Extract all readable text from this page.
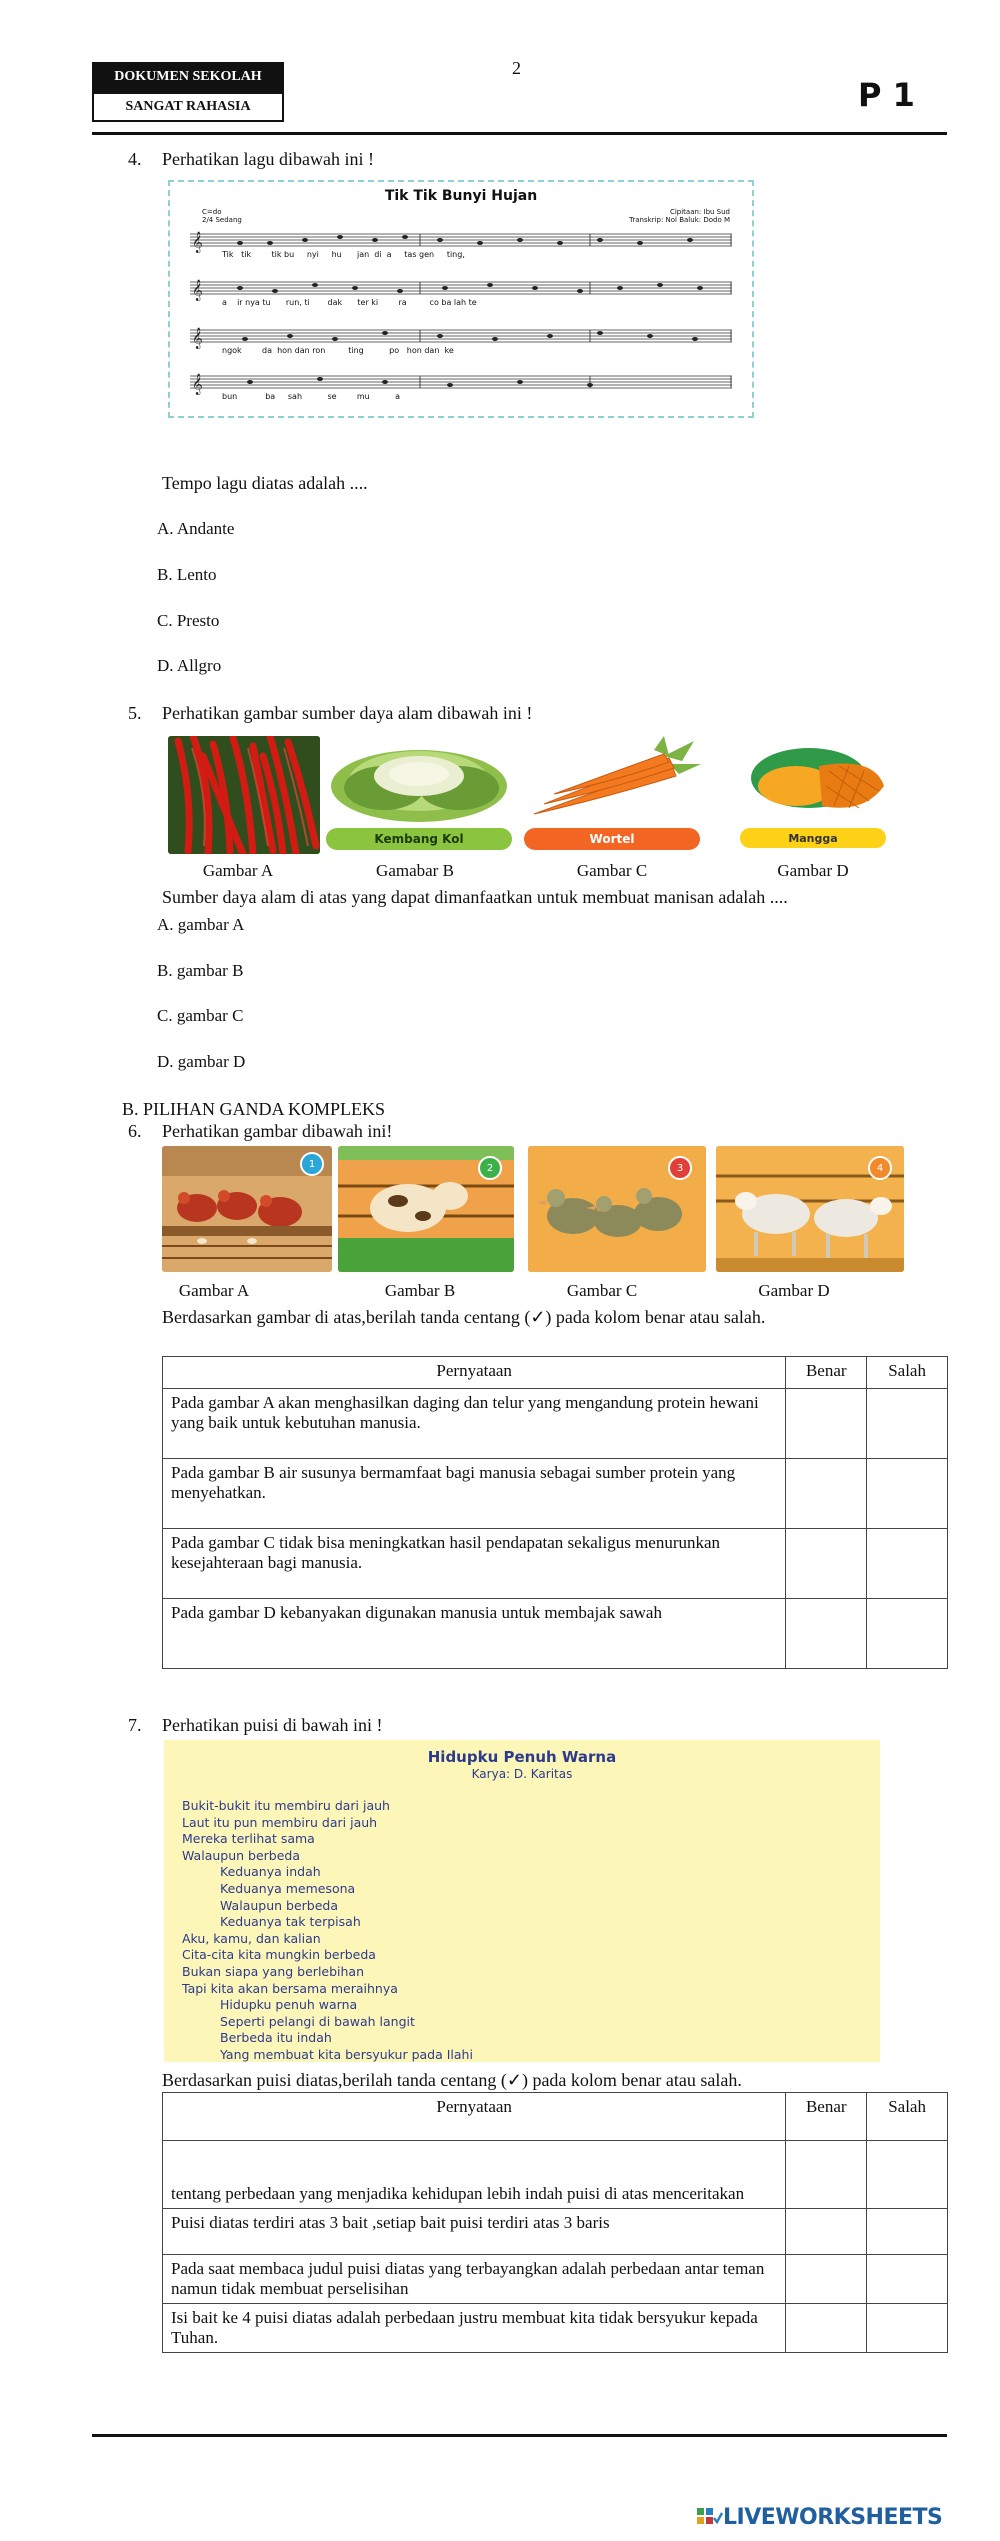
DOKUMEN SEKOLAH
SANGAT RAHASIA
2
P 1
4. Perhatikan lagu dibawah ini !
Tik Tik Bunyi Hujan
C=do
2/4 Sedang
Cipitaan: Ibu Sud
Transkrip: Nol Baluk: Dodo M
𝄞
𝄞
𝄞
𝄞
Tik   tik        tik bu     nyi     hu      jan  di  a     tas gen     ting,
a    ir nya tu      run, ti       dak      ter ki        ra         co ba lah te
ngok        da  hon dan ron         ting          po   hon dan  ke
bun           ba     sah          se        mu          a
Tempo lagu diatas adalah ....
A. Andante
B. Lento
C. Presto
D. Allgro
5. Perhatikan gambar sumber daya alam dibawah ini !
Kembang Kol	Wortel	Mangga
Gambar A	Gamabar B	Gambar C	Gambar D
Sumber daya alam di atas yang dapat dimanfaatkan untuk membuat manisan adalah ....
A. gambar A
B. gambar B
C. gambar C
D. gambar D
B. PILIHAN GANDA KOMPLEKS
6. Perhatikan gambar dibawah ini!
1	2	3	4
Gambar A	Gambar B	Gambar C	Gambar D
Berdasarkan gambar di atas,berilah tanda centang (✓) pada kolom benar atau salah.
Pernyataan	Benar	Salah
Pada gambar A akan menghasilkan daging dan telur yang mengandung protein hewani yang baik untuk kebutuhan manusia.		
Pada gambar B air susunya bermamfaat bagi manusia sebagai sumber protein yang menyehatkan.		
Pada gambar C tidak bisa meningkatkan hasil pendapatan sekaligus menurunkan kesejahteraan bagi manusia.		
Pada gambar D kebanyakan digunakan manusia untuk membajak sawah		
7. Perhatikan puisi di bawah ini !
Hidupku Penuh Warna
Karya: D. Karitas
Bukit-bukit itu membiru dari jauh
Laut itu pun membiru dari jauh
Mereka terlihat sama
Walaupun berbeda
Keduanya indah
Keduanya memesona
Walaupun berbeda
Keduanya tak terpisah
Aku, kamu, dan kalian
Cita-cita kita mungkin berbeda
Bukan siapa yang berlebihan
Tapi kita akan bersama meraihnya
Hidupku penuh warna
Seperti pelangi di bawah langit
Berbeda itu indah
Yang membuat kita bersyukur pada Ilahi
Berdasarkan puisi diatas,berilah tanda centang (✓) pada kolom benar atau salah.
Pernyataan	Benar	Salah
tentang perbedaan yang menjadika kehidupan lebih indah puisi di atas menceritakan		
Puisi diatas terdiri atas 3 bait ,setiap bait puisi terdiri atas 3 baris		
Pada saat membaca judul puisi diatas yang terbayangkan adalah perbedaan antar teman namun tidak membuat perselisihan		
Isi bait ke 4 puisi diatas adalah perbedaan justru membuat kita tidak bersyukur kepada Tuhan.		
LIVEWORKSHEETS
